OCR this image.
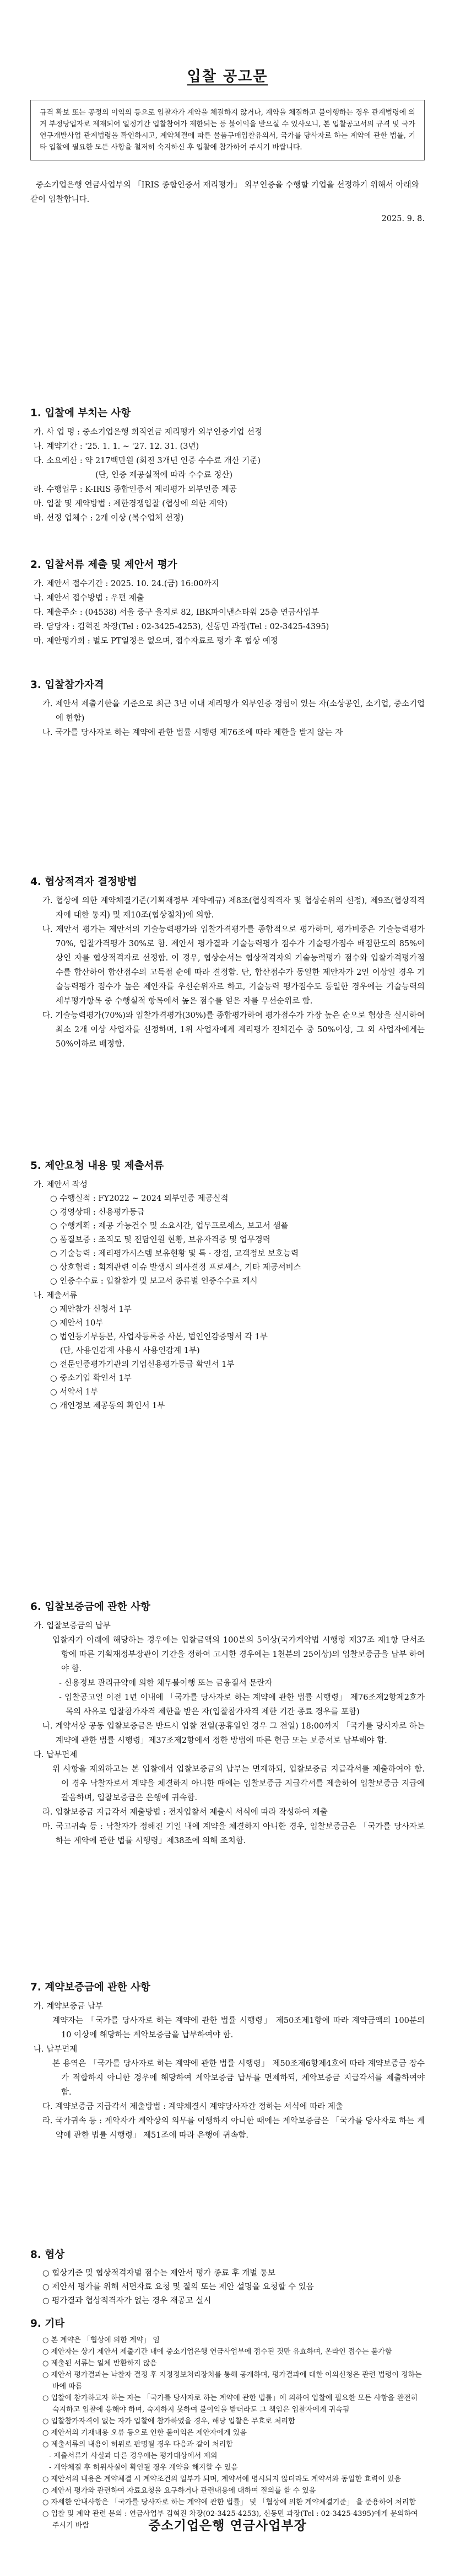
입찰 공고문
규격 확보 또는 공정의 이익의 등으로 입찰자가 계약을 체결하지 않거나, 계약을 체결하고 불이행하는 경우 관계법령에 의거 부정당업자로 제재되어 일정기간 입찰참여가 제한되는 등 불이익을 받으실 수 있사오니, 본 입찰공고서의 규격 및 국가연구개발사업 관계법령을 확인하시고, 계약체결에 따른 물품구매입찰유의서, 국가를 당사자로 하는 계약에 관한 법률, 기타 입찰에 필요한 모든 사항을 철저히 숙지하신 후 입찰에 참가하여 주시기 바랍니다.
중소기업은행 연금사업부의 「IRIS 종합인증서 재리평가」 외부인증을 수행할 기업을 선정하기 위해서 아래와 같이 입찰합니다.
2025. 9. 8.
1. 입찰에 부치는 사항
가. 사 업 명 : 중소기업은행 회직연금 제리평가 외부인증기업 선정
나. 계약기간 : '25. 1. 1. ~ '27. 12. 31. (3년)
다. 소요예산 : 약 217백만원 (회진 3개년 인증 수수료 개산 기준)
(단, 인증 제공실적에 따라 수수료 정산)
라. 수행업무 : K-IRIS 종합인증서 제리평가 외부인증 제공
마. 입찰 및 계약방법 : 제한경쟁입찰 (협상에 의한 계약)
바. 선정 업체수 : 2개 이상 (복수업체 선정)
2. 입찰서류 제출 및 제안서 평가
가. 제안서 접수기간 : 2025. 10. 24.(금) 16:00까지
나. 제안서 접수방법 : 우편 제출
다. 제출주소 : (04538) 서울 중구 을지로 82, IBK파이낸스타워 25층 연금사업부
라. 담당자 : 김혁진 차장(Tel : 02-3425-4253), 신동민 과장(Tel : 02-3425-4395)
마. 제안평가회 : 별도 PT일정은 없으며, 접수자료로 평가 후 협상 예정
3. 입찰참가자격
가. 제안서 제출기한을 기준으로 최근 3년 이내 제리평가 외부인증 경험이 있는 자(소상공인, 소기업, 중소기업에 한함)
나. 국가를 당사자로 하는 계약에 관한 법률 시행령 제76조에 따라 제한을 받지 않는 자
4. 협상적격자 결정방법
가. 협상에 의한 계약체결기준(기획재정부 계약예규) 제8조(협상적격자 및 협상순위의 선정), 제9조(협상적격자에 대한 통지) 및 제10조(협상절차)에 의함.
나. 제안서 평가는 제안서의 기술능력평가와 입찰가격평가를 종합적으로 평가하며, 평가비중은 기술능력평가 70%, 입찰가격평가 30%로 함. 제안서 평가결과 기술능력평가 점수가 기술평가점수 배점한도의 85%이상인 자를 협상적격자로 선정함. 이 경우, 협상순서는 협상적격자의 기술능력평가 점수와 입찰가격평가점수를 합산하여 합산점수의 고득점 순에 따라 결정함. 단, 합산점수가 동일한 제안자가 2인 이상일 경우 기술능력평가 점수가 높은 제안자를 우선순위자로 하고, 기술능력 평가점수도 동일한 경우에는 기술능력의 세부평가항목 중 수행실적 항목에서 높은 점수를 얻은 자를 우선순위로 함.
다. 기술능력평가(70%)와 입찰가격평가(30%)를 종합평가하여 평가점수가 가장 높은 순으로 협상을 실시하여 최소 2개 이상 사업자를 선정하며, 1위 사업자에게 계리평가 전체건수 중 50%이상, 그 외 사업자에게는 50%이하로 배정함.
5. 제안요청 내용 및 제출서류
가. 제안서 작성
○ 수행실적 : FY2022 ~ 2024 외부인증 제공실적
○ 경영상태 : 신용평가등급
○ 수행계획 : 제공 가능건수 및 소요시간, 업무프로세스, 보고서 샘플
○ 품질보증 : 조직도 및 전담인원 현황, 보유자격증 및 업무경력
○ 기술능력 : 제리평가시스템 보유현황 및 특 · 장점, 고객정보 보호능력
○ 상호협력 : 회계관련 이슈 발생시 의사결정 프로세스, 기타 제공서비스
○ 인증수수료 : 입찰참가 및 보고서 종류별 인증수수료 제시
나. 제출서류
○ 제안참가 신청서 1부
○ 제안서 10부
○ 법인등기부등본, 사업자등록증 사본, 법인인감증명서 각 1부
(단, 사용인감계 사용시 사용인감계 1부)
○ 전문인증평가기관의 기업신용평가등급 확인서 1부
○ 중소기업 확인서 1부
○ 서약서 1부
○ 개인정보 제공동의 확인서 1부
6. 입찰보증금에 관한 사항
가. 입찰보증금의 납부
입찰자가 아래에 해당하는 경우에는 입찰금액의 100분의 5이상(국가계약법 시행령 제37조 제1항 단서조항에 따른 기획재정부장관이 기간을 정하여 고시한 경우에는 1천분의 25이상)의 입찰보증금을 납부 하여야 함.
- 신용정보 관리규약에 의한 채무불이행 또는 금융질서 문란자
- 입찰공고일 이전 1년 이내에 「국가를 당사자로 하는 계약에 관한 법률 시행령」 제76조제2항제2호가목의 사유로 입찰참가자격 제한을 받은 자(입찰참가자격 제한 기간 종료 경우를 포함)
나. 계약서상 공동 입찰보증금은 반드시 입찰 전일(공휴일인 경우 그 전일) 18:00까지 「국가를 당사자로 하는 계약에 관한 법률 시행령」제37조제2항에서 정한 방법에 따른 현금 또는 보증서로 납부해야 함.
다. 납부면제
위 사항을 제외하고는 본 입찰에서 입찰보증금의 납부는 면제하되, 입찰보증금 지급각서를 제출하여야 함. 이 경우 낙찰자로서 계약을 체결하지 아니한 때에는 입찰보증금 지급각서를 제출하여 입찰보증금 지급에 갈음하며, 입찰보증금은 은행에 귀속함.
라. 입찰보증금 지급각서 제출방법 : 전자입찰서 제출시 서식에 따라 작성하여 제출
마. 국고귀속 등 : 낙찰자가 정해진 기일 내에 계약을 체결하지 아니한 경우, 입찰보증금은 「국가를 당사자로 하는 계약에 관한 법률 시행령」제38조에 의해 조치함.
7. 계약보증금에 관한 사항
가. 계약보증금 납부
계약자는 「국가를 당사자로 하는 계약에 관한 법률 시행령」 제50조제1항에 따라 계약금액의 100분의 10 이상에 해당하는 계약보증금을 납부하여야 함.
나. 납부면제
본 용역은 「국가를 당사자로 하는 계약에 관한 법률 시행령」 제50조제6항제4호에 따라 계약보증금 장수가 적합하지 아니한 경우에 해당하여 계약보증금 납부를 면제하되, 계약보증금 지급각서를 제출하여야 함.
다. 계약보증금 지급각서 제출방법 : 계약체결시 계약당사자간 정하는 서식에 따라 제출
라. 국가귀속 등 : 계약자가 계약상의 의무를 이행하지 아니한 때에는 계약보증금은 「국가를 당사자로 하는 계약에 관한 법률 시행령」 제51조에 따라 은행에 귀속함.
8. 협상
○ 협상기준 및 협상적격자별 점수는 제안서 평가 종료 후 개별 통보
○ 제안서 평가를 위해 서면자료 요청 및 질의 또는 제안 설명을 요청할 수 있음
○ 평가결과 협상적격자가 없는 경우 재공고 실시
9. 기타
○ 본 계약은 「협상에 의한 계약」 임
○ 제안자는 상기 제안서 제출기간 내에 중소기업은행 연금사업부에 접수된 것만 유효하며, 온라인 접수는 불가함
○ 제출된 서류는 일체 반환하지 않음
○ 제안서 평가결과는 낙찰자 결정 후 지정정보처리장치를 통해 공개하며, 평가결과에 대한 이의신청은 관련 법령이 정하는 바에 따름
○ 입찰에 참가하고자 하는 자는 「국가를 당사자로 하는 계약에 관한 법률」에 의하여 입찰에 필요한 모든 사항을 완전히 숙지하고 입찰에 응해야 하며, 숙지하지 못하여 불이익을 받더라도 그 책임은 입찰자에게 귀속됨
○ 입찰참가자격이 없는 자가 입찰에 참가하였을 경우, 해당 입찰은 무효로 처리함
○ 제안서의 기재내용 오류 등으로 인한 불이익은 제안자에게 있음
○ 제출서류의 내용이 허위로 판명될 경우 다음과 같이 처리함
- 제출서류가 사실과 다른 경우에는 평가대상에서 제외
- 계약체결 후 허위사실이 확인될 경우 계약을 해지할 수 있음
○ 제안서의 내용은 계약체결 시 계약조건의 일부가 되며, 계약서에 명시되지 않더라도 계약서와 동일한 효력이 있음
○ 제안서 평가와 관련하여 자료요청을 요구하거나 관련내용에 대하여 질의를 할 수 있음
○ 자세한 안내사항은 「국가를 당사자로 하는 계약에 관한 법률」 및 「협상에 의한 계약체결기준」 을 준용하여 처리함
○ 입찰 및 계약 관련 문의 : 연금사업부 김혁진 차장(02-3425-4253), 신동민 과장(Tel : 02-3425-4395)에게 문의하여 주시기 바람	중소기업은행 연금사업부장
